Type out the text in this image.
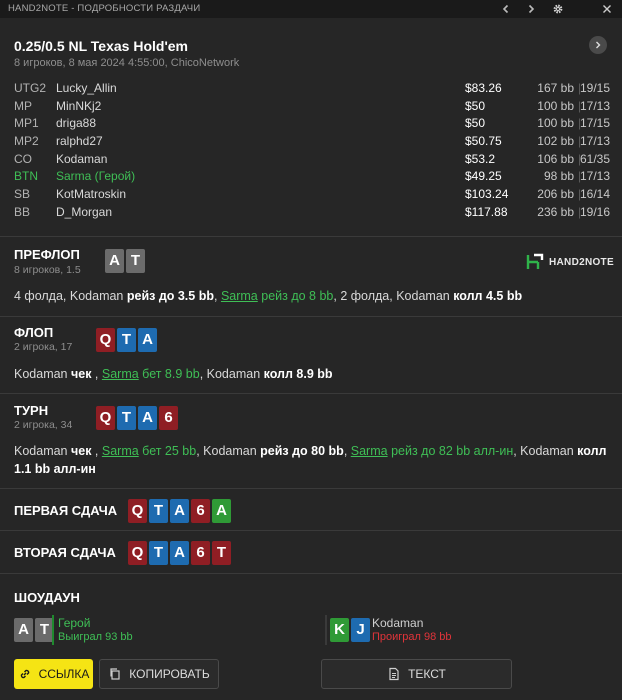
HAND2NOTE - ПОДРОБНОСТИ РАЗДАЧИ
0.25/0.5 NL Texas Hold'em
8 игроков, 8 мая 2024 4:55:00, ChicoNetwork
UTG2 Lucky_Allin	$83.26	167 bb | 19/15
MP MinNKj2	$50	100 bb | 17/13
MP1 driga88	$50	100 bb | 17/15
MP2 ralphd27	$50.75	102 bb | 17/13
CO Kodaman	$53.2	106 bb | 61/35
BTN Sarma (Герой)	$49.25	98 bb | 17/13
SB KotMatroskin	$103.24	206 bb | 16/14
BB D_Morgan	$117.88	236 bb | 19/16
ПРЕФЛОП
8 игроков, 1.5
A T	HAND2NOTE
4 фолда, Kodaman рейз до 3.5 bb, Sarma рейз до 8 bb, 2 фолда, Kodaman колл 4.5 bb
ФЛОП
2 игрока, 17 Q T A
Kodaman чек , Sarma бет 8.9 bb, Kodaman колл 8.9 bb
ТУРН
2 игрока, 34 Q T A 6
Kodaman чек , Sarma бет 25 bb, Kodaman рейз до 80 bb, Sarma рейз до 82 bb алл-ин, Kodaman колл 1.1 bb алл-ин
ПЕРВАЯ СДАЧА Q T A 6 A
ВТОРАЯ СДАЧА Q T A 6 T
ШОУДАУН
A T Герой
Выиграл 93 bb	K J Kodaman
Проиграл 98 bb
ССЫЛКА	КОПИРОВАТЬ	ТЕКСТ
